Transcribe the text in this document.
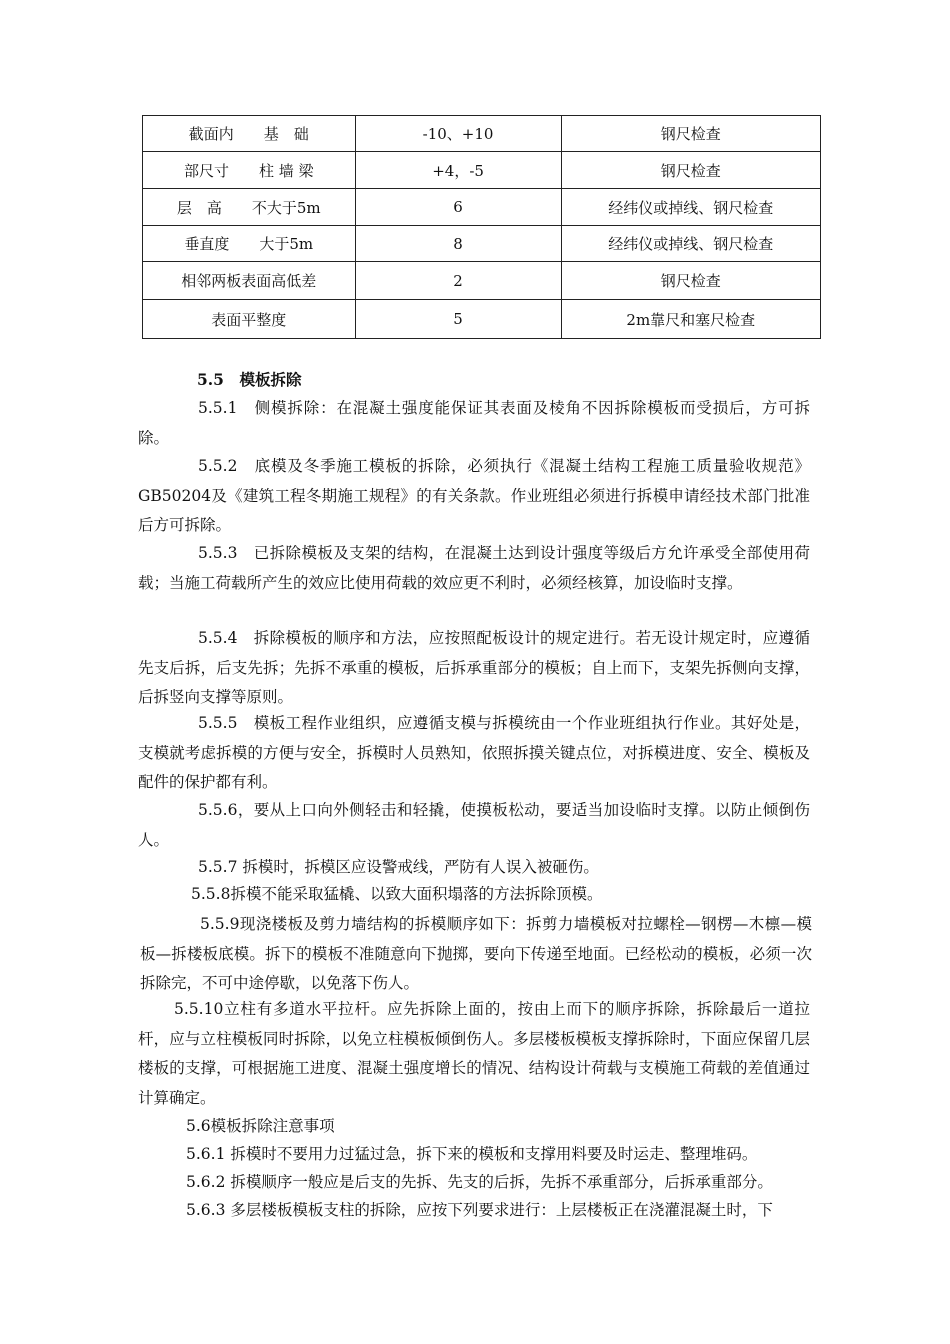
截面内　　基　础	-10、+10	钢尺检查
部尺寸　　柱 墙 梁	+4，-5	钢尺检查
层　高　　不大于5m	6	经纬仪或掉线、钢尺检查
垂直度　　大于5m	8	经纬仪或掉线、钢尺检查
相邻两板表面高低差	2	钢尺检查
表面平整度	5	2m靠尺和塞尺检查
5.5　模板拆除
5.5.1　侧模拆除：在混凝土强度能保证其表面及棱角不因拆除模板而受损后，方可拆除。
5.5.2　底模及冬季施工模板的拆除，必须执行《混凝土结构工程施工质量验收规范》GB50204及《建筑工程冬期施工规程》的有关条款。作业班组必须进行拆模申请经技术部门批准后方可拆除。
5.5.3　已拆除模板及支架的结构，在混凝土达到设计强度等级后方允许承受全部使用荷载；当施工荷载所产生的效应比使用荷载的效应更不利时，必须经核算，加设临时支撑。
5.5.4　拆除模板的顺序和方法，应按照配板设计的规定进行。若无设计规定时，应遵循先支后拆，后支先拆；先拆不承重的模板，后拆承重部分的模板；自上而下，支架先拆侧向支撑，后拆竖向支撑等原则。
5.5.5　模板工程作业组织，应遵循支模与拆模统由一个作业班组执行作业。其好处是，支模就考虑拆模的方便与安全，拆模时人员熟知，依照拆摸关键点位，对拆模进度、安全、模板及配件的保护都有利。
5.5.6，要从上口向外侧轻击和轻撬，使摸板松动，要适当加设临时支撑。以防止倾倒伤人。
5.5.7 拆模时，拆模区应设警戒线，严防有人误入被砸伤。
5.5.8拆模不能采取猛橇、以致大面积塌落的方法拆除顶模。
5.5.9现浇楼板及剪力墙结构的拆模顺序如下：拆剪力墙模板对拉螺栓—钢楞—木檩—模板—拆楼板底模。拆下的模板不准随意向下抛掷，要向下传递至地面。已经松动的模板，必须一次拆除完，不可中途停歇，以免落下伤人。
5.5.10立柱有多道水平拉杆。应先拆除上面的，按由上而下的顺序拆除，拆除最后一道拉杆，应与立柱模板同时拆除，以免立柱模板倾倒伤人。多层楼板模板支撑拆除时，下面应保留几层楼板的支撑，可根据施工进度、混凝土强度增长的情况、结构设计荷载与支模施工荷载的差值通过计算确定。
5.6模板拆除注意事项
5.6.1 拆模时不要用力过猛过急，拆下来的模板和支撑用料要及时运走、整理堆码。
5.6.2 拆模顺序一般应是后支的先拆、先支的后拆，先拆不承重部分，后拆承重部分。
5.6.3 多层楼板模板支柱的拆除，应按下列要求进行：上层楼板正在浇灌混凝土时，下
